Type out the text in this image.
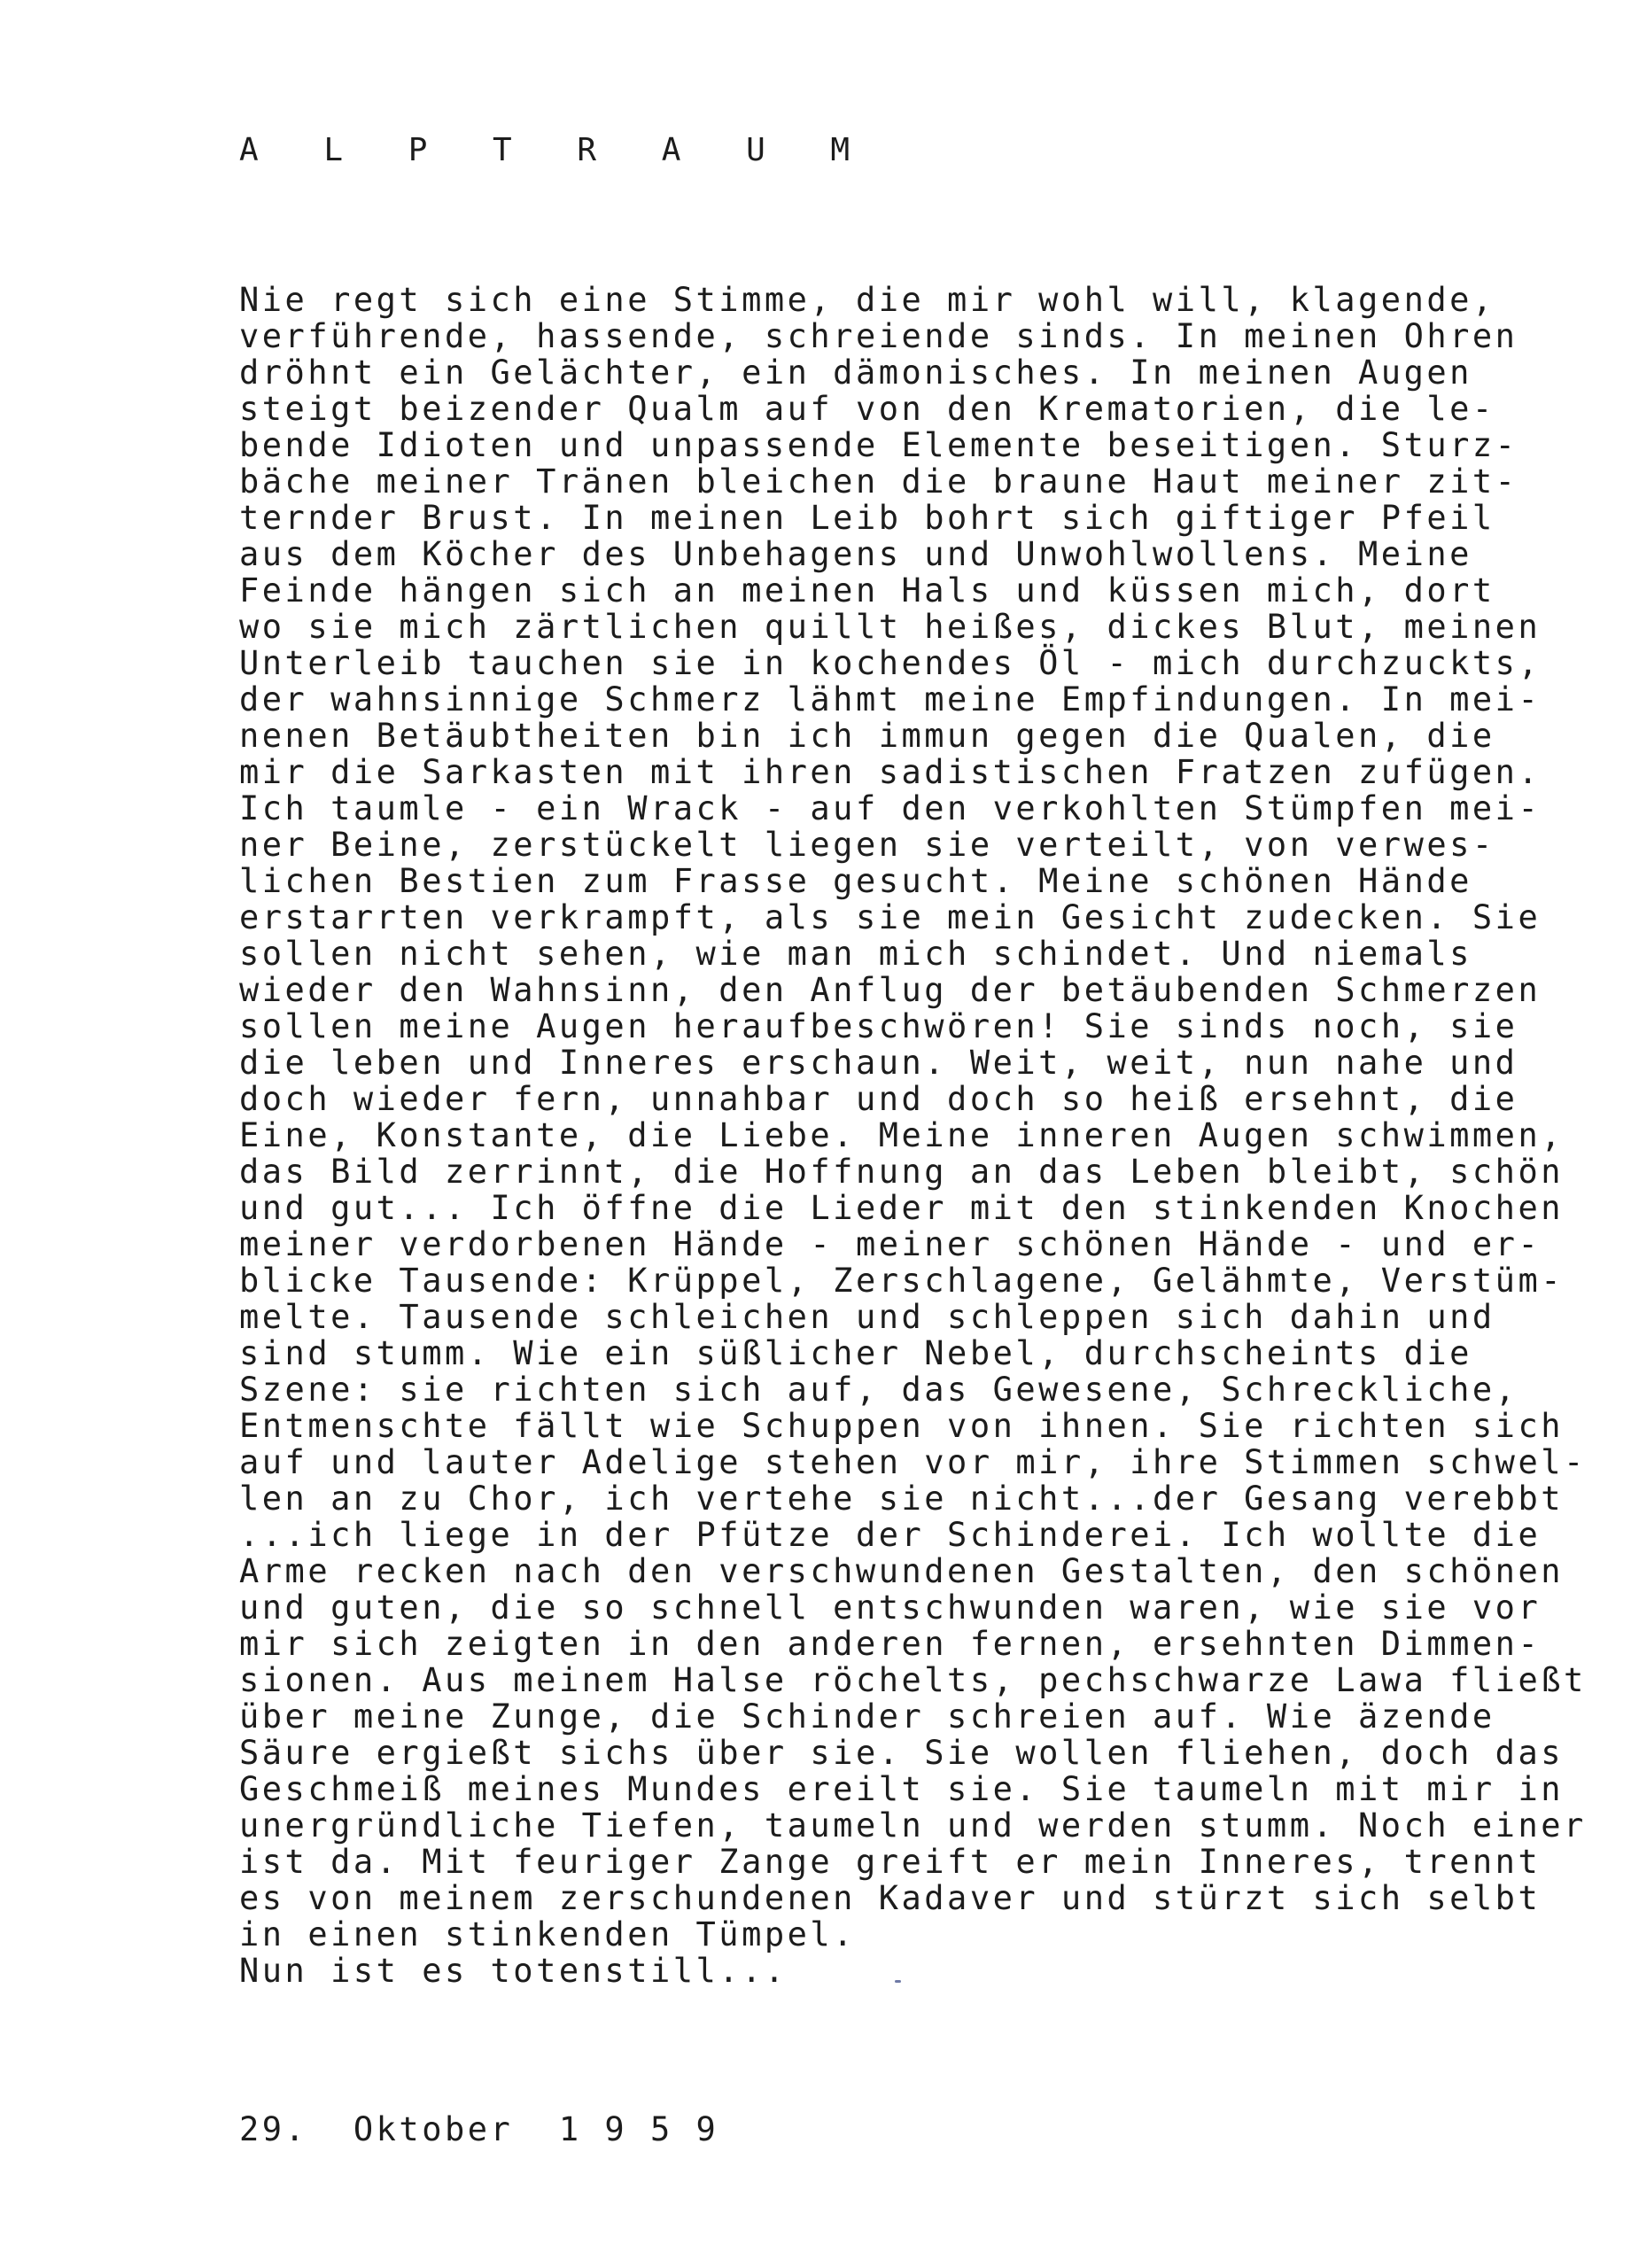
A L P T R A U M
Nie regt sich eine Stimme, die mir wohl will, klagende,
verführende, hassende, schreiende sinds. In meinen Ohren
dröhnt ein Gelächter, ein dämonisches. In meinen Augen
steigt beizender Qualm auf von den Krematorien, die le-
bende Idioten und unpassende Elemente beseitigen. Sturz-
bäche meiner Tränen bleichen die braune Haut meiner zit-
ternder Brust. In meinen Leib bohrt sich giftiger Pfeil
aus dem Köcher des Unbehagens und Unwohlwollens. Meine
Feinde hängen sich an meinen Hals und küssen mich, dort
wo sie mich zärtlichen quillt heißes, dickes Blut, meinen
Unterleib tauchen sie in kochendes Öl - mich durchzuckts,
der wahnsinnige Schmerz lähmt meine Empfindungen. In mei-
nenen Betäubtheiten bin ich immun gegen die Qualen, die
mir die Sarkasten mit ihren sadistischen Fratzen zufügen.
Ich taumle - ein Wrack - auf den verkohlten Stümpfen mei-
ner Beine, zerstückelt liegen sie verteilt, von verwes-
lichen Bestien zum Frasse gesucht. Meine schönen Hände
erstarrten verkrampft, als sie mein Gesicht zudecken. Sie
sollen nicht sehen, wie man mich schindet. Und niemals
wieder den Wahnsinn, den Anflug der betäubenden Schmerzen
sollen meine Augen heraufbeschwören! Sie sinds noch, sie
die leben und Inneres erschaun. Weit, weit, nun nahe und
doch wieder fern, unnahbar und doch so heiß ersehnt, die
Eine, Konstante, die Liebe. Meine inneren Augen schwimmen,
das Bild zerrinnt, die Hoffnung an das Leben bleibt, schön
und gut... Ich öffne die Lieder mit den stinkenden Knochen
meiner verdorbenen Hände - meiner schönen Hände - und er-
blicke Tausende: Krüppel, Zerschlagene, Gelähmte, Verstüm-
melte. Tausende schleichen und schleppen sich dahin und
sind stumm. Wie ein süßlicher Nebel, durchscheints die
Szene: sie richten sich auf, das Gewesene, Schreckliche,
Entmenschte fällt wie Schuppen von ihnen. Sie richten sich
auf und lauter Adelige stehen vor mir, ihre Stimmen schwel-
len an zu Chor, ich vertehe sie nicht...der Gesang verebbt
...ich liege in der Pfütze der Schinderei. Ich wollte die
Arme recken nach den verschwundenen Gestalten, den schönen
und guten, die so schnell entschwunden waren, wie sie vor
mir sich zeigten in den anderen fernen, ersehnten Dimmen-
sionen. Aus meinem Halse röchelts, pechschwarze Lawa fließt
über meine Zunge, die Schinder schreien auf. Wie äzende
Säure ergießt sichs über sie. Sie wollen fliehen, doch das
Geschmeiß meines Mundes ereilt sie. Sie taumeln mit mir in
unergründliche Tiefen, taumeln und werden stumm. Noch einer
ist da. Mit feuriger Zange greift er mein Inneres, trennt
es von meinem zerschundenen Kadaver und stürzt sich selbt
in einen stinkenden Tümpel.
Nun ist es totenstill...
29.  Oktober  1 9 5 9
